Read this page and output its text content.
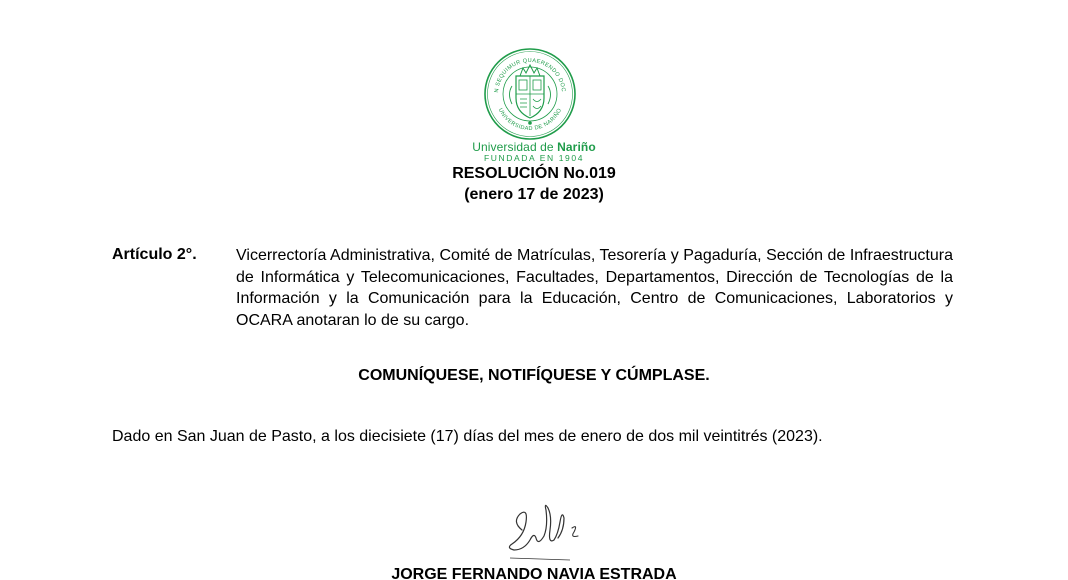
N SEQUIMUR QUAERENDO DOC
UNIVERSIDAD DE NARIÑO
Universidad de Nariño
FUNDADA EN 1904
RESOLUCIÓN No.019
(enero 17 de 2023)
Artículo 2°. Vicerrectoría Administrativa, Comité de Matrículas, Tesorería y Pagaduría, Sección de Infraestructura de Informática y Telecomunicaciones, Facultades, Departamentos, Dirección de Tecnologías de la Información y la Comunicación para la Educación, Centro de Comunicaciones, Laboratorios y OCARA anotaran lo de su cargo.
COMUNÍQUESE, NOTIFÍQUESE Y CÚMPLASE.
Dado en San Juan de Pasto, a los diecisiete (17) días del mes de enero de dos mil veintitrés (2023).
JORGE FERNANDO NAVIA ESTRADA
